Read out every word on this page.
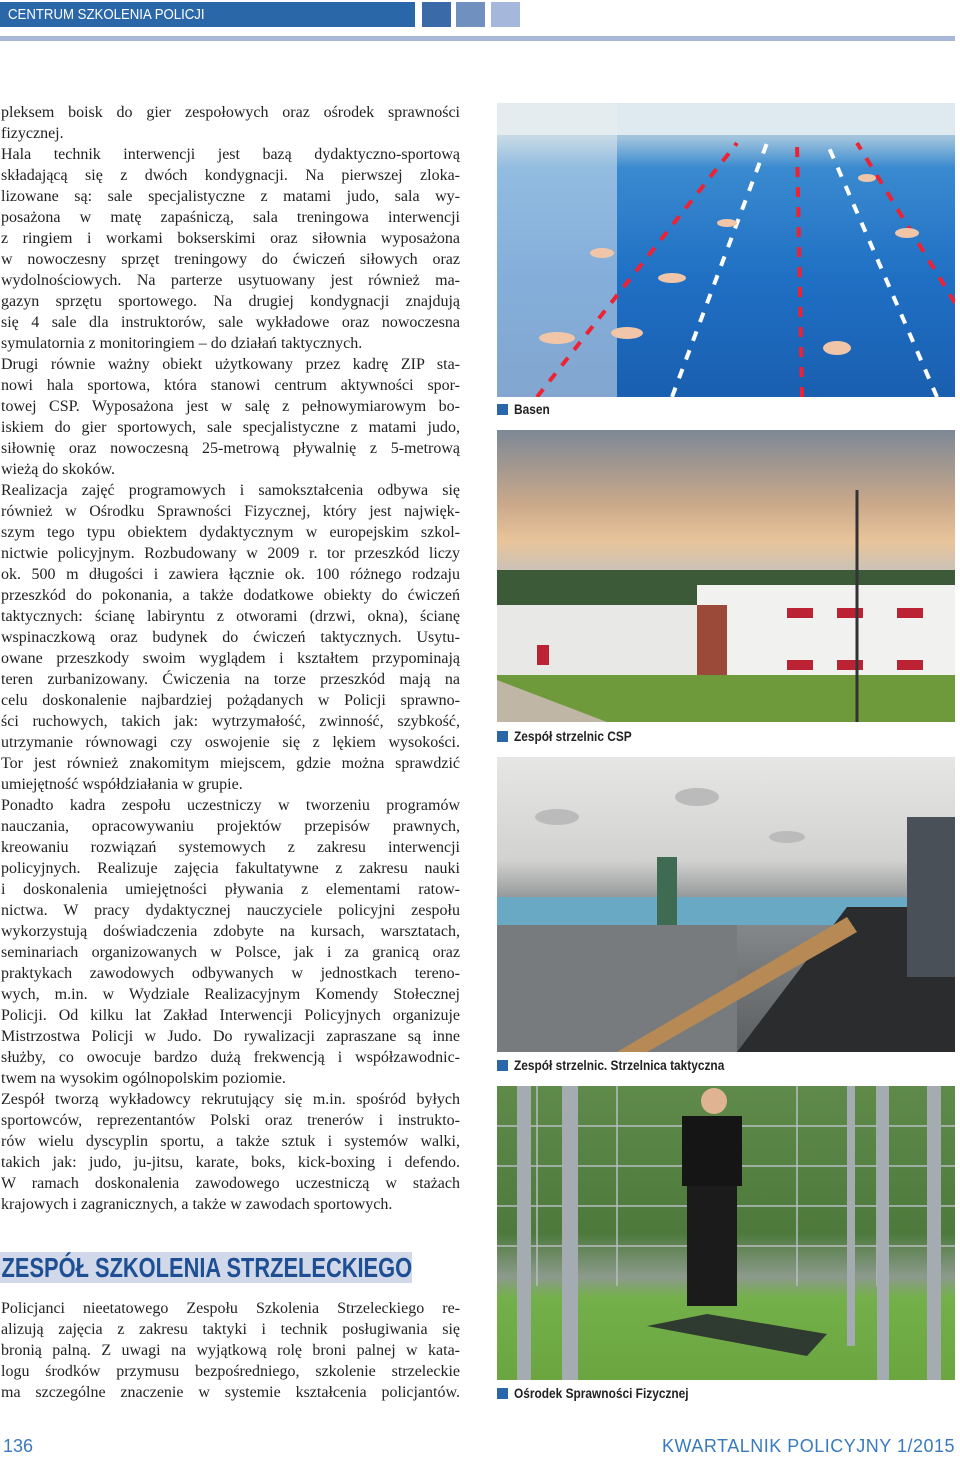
CENTRUM SZKOLENIA POLICJI
pleksem boisk do gier zespołowych oraz ośrodek sprawności
fizycznej.
Hala technik interwencji jest bazą dydaktyczno-sportową
składającą się z dwóch kondygnacji. Na pierwszej zloka-
lizowane są: sale specjalistyczne z matami judo, sala wy-
posażona w matę zapaśniczą, sala treningowa interwencji
z ringiem i workami bokserskimi oraz siłownia wyposażona
w nowoczesny sprzęt treningowy do ćwiczeń siłowych oraz
wydolnościowych. Na parterze usytuowany jest również ma-
gazyn sprzętu sportowego. Na drugiej kondygnacji znajdują
się 4 sale dla instruktorów, sale wykładowe oraz nowoczesna
symulatornia z monitoringiem – do działań taktycznych.
Drugi równie ważny obiekt użytkowany przez kadrę ZIP sta-
nowi hala sportowa, która stanowi centrum aktywności spor-
towej CSP. Wyposażona jest w salę z pełnowymiarowym bo-
iskiem do gier sportowych, sale specjalistyczne z matami judo,
siłownię oraz nowoczesną 25-metrową pływalnię z 5-metrową
wieżą do skoków.
Realizacja zajęć programowych i samokształcenia odbywa się
również w Ośrodku Sprawności Fizycznej, który jest najwięk-
szym tego typu obiektem dydaktycznym w europejskim szkol-
nictwie policyjnym. Rozbudowany w 2009 r. tor przeszkód liczy
ok. 500 m długości i zawiera łącznie ok. 100 różnego rodzaju
przeszkód do pokonania, a także dodatkowe obiekty do ćwiczeń
taktycznych: ścianę labiryntu z otworami (drzwi, okna), ścianę
wspinaczkową oraz budynek do ćwiczeń taktycznych. Usytu-
owane przeszkody swoim wyglądem i kształtem przypominają
teren zurbanizowany. Ćwiczenia na torze przeszkód mają na
celu doskonalenie najbardziej pożądanych w Policji sprawno-
ści ruchowych, takich jak: wytrzymałość, zwinność, szybkość,
utrzymanie równowagi czy oswojenie się z lękiem wysokości.
Tor jest również znakomitym miejscem, gdzie można sprawdzić
umiejętność współdziałania w grupie.
Ponadto kadra zespołu uczestniczy w tworzeniu programów
nauczania, opracowywaniu projektów przepisów prawnych,
kreowaniu rozwiązań systemowych z zakresu interwencji
policyjnych. Realizuje zajęcia fakultatywne z zakresu nauki
i doskonalenia umiejętności pływania z elementami ratow-
nictwa. W pracy dydaktycznej nauczyciele policyjni zespołu
wykorzystują doświadczenia zdobyte na kursach, warsztatach,
seminariach organizowanych w Polsce, jak i za granicą oraz
praktykach zawodowych odbywanych w jednostkach tereno-
wych, m.in. w Wydziale Realizacyjnym Komendy Stołecznej
Policji. Od kilku lat Zakład Interwencji Policyjnych organizuje
Mistrzostwa Policji w Judo. Do rywalizacji zapraszane są inne
służby, co owocuje bardzo dużą frekwencją i współzawodnic-
twem na wysokim ogólnopolskim poziomie.
Zespół tworzą wykładowcy rekrutujący się m.in. spośród byłych
sportowców, reprezentantów Polski oraz trenerów i instrukto-
rów wielu dyscyplin sportu, a także sztuk i systemów walki,
takich jak: judo, ju-jitsu, karate, boks, kick-boxing i defendo.
W ramach doskonalenia zawodowego uczestniczą w stażach
krajowych i zagranicznych, a także w zawodach sportowych.
ZESPÓŁ SZKOLENIA STRZELECKIEGO
Policjanci nieetatowego Zespołu Szkolenia Strzeleckiego re-
alizują zajęcia z zakresu taktyki i technik posługiwania się
bronią palną. Z uwagi na wyjątkową rolę broni palnej w kata-
logu środków przymusu bezpośredniego, szkolenie strzeleckie
ma szczególne znaczenie w systemie kształcenia policjantów.
Basen
Zespół strzelnic CSP
Zespół strzelnic. Strzelnica taktyczna
Ośrodek Sprawności Fizycznej
136	KWARTALNIK POLICYJNY 1/2015
